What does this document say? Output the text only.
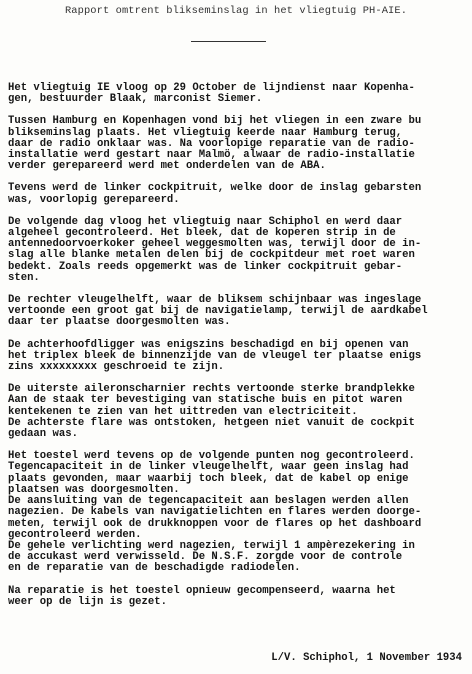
Rapport omtrent blikseminslag in het vliegtuig PH-AIE.
Het vliegtuig IE vloog op 29 October de lijndienst naar Kopenha-
gen, bestuurder Blaak, marconist Siemer.
Tussen Hamburg en Kopenhagen vond bij het vliegen in een zware bu
blikseminslag plaats. Het vliegtuig keerde naar Hamburg terug,
daar de radio onklaar was. Na voorlopige reparatie van de radio-
installatie werd gestart naar Malmö, alwaar de radio-installatie
verder gerepareerd werd met onderdelen van de ABA.
Tevens werd de linker cockpitruit, welke door de inslag gebarsten
was, voorlopig gerepareerd.
De volgende dag vloog het vliegtuig naar Schiphol en werd daar
algeheel gecontroleerd. Het bleek, dat de koperen strip in de
antennedoorvoerkoker geheel weggesmolten was, terwijl door de in-
slag alle blanke metalen delen bij de cockpitdeur met roet waren
bedekt. Zoals reeds opgemerkt was de linker cockpitruit gebar-
sten.
De rechter vleugelhelft, waar de bliksem schijnbaar was ingeslage
vertoonde een groot gat bij de navigatielamp, terwijl de aardkabel
daar ter plaatse doorgesmolten was.
De achterhoofdligger was enigszins beschadigd en bij openen van
het triplex bleek de binnenzijde van de vleugel ter plaatse enigs
zins xxxxxxxxx geschroeid te zijn.
De uiterste aileronscharnier rechts vertoonde sterke brandplekke
Aan de staak ter bevestiging van statische buis en pitot waren
kentekenen te zien van het uittreden van electriciteit.
De achterste flare was ontstoken, hetgeen niet vanuit de cockpit
gedaan was.
Het toestel werd tevens op de volgende punten nog gecontroleerd.
Tegencapaciteit in de linker vleugelhelft, waar geen inslag had
plaats gevonden, maar waarbij toch bleek, dat de kabel op enige
plaatsen was doorgesmolten.
De aansluiting van de tegencapaciteit aan beslagen werden allen
nagezien. De kabels van navigatielichten en flares werden doorge-
meten, terwijl ook de drukknoppen voor de flares op het dashboard
gecontroleerd werden.
De gehele verlichting werd nagezien, terwijl 1 ampèrezekering in
de accukast werd verwisseld. De N.S.F. zorgde voor de controle
en de reparatie van de beschadigde radiodelen.
Na reparatie is het toestel opnieuw gecompenseerd, waarna het
weer op de lijn is gezet.
L/V. Schiphol, 1 November 1934
